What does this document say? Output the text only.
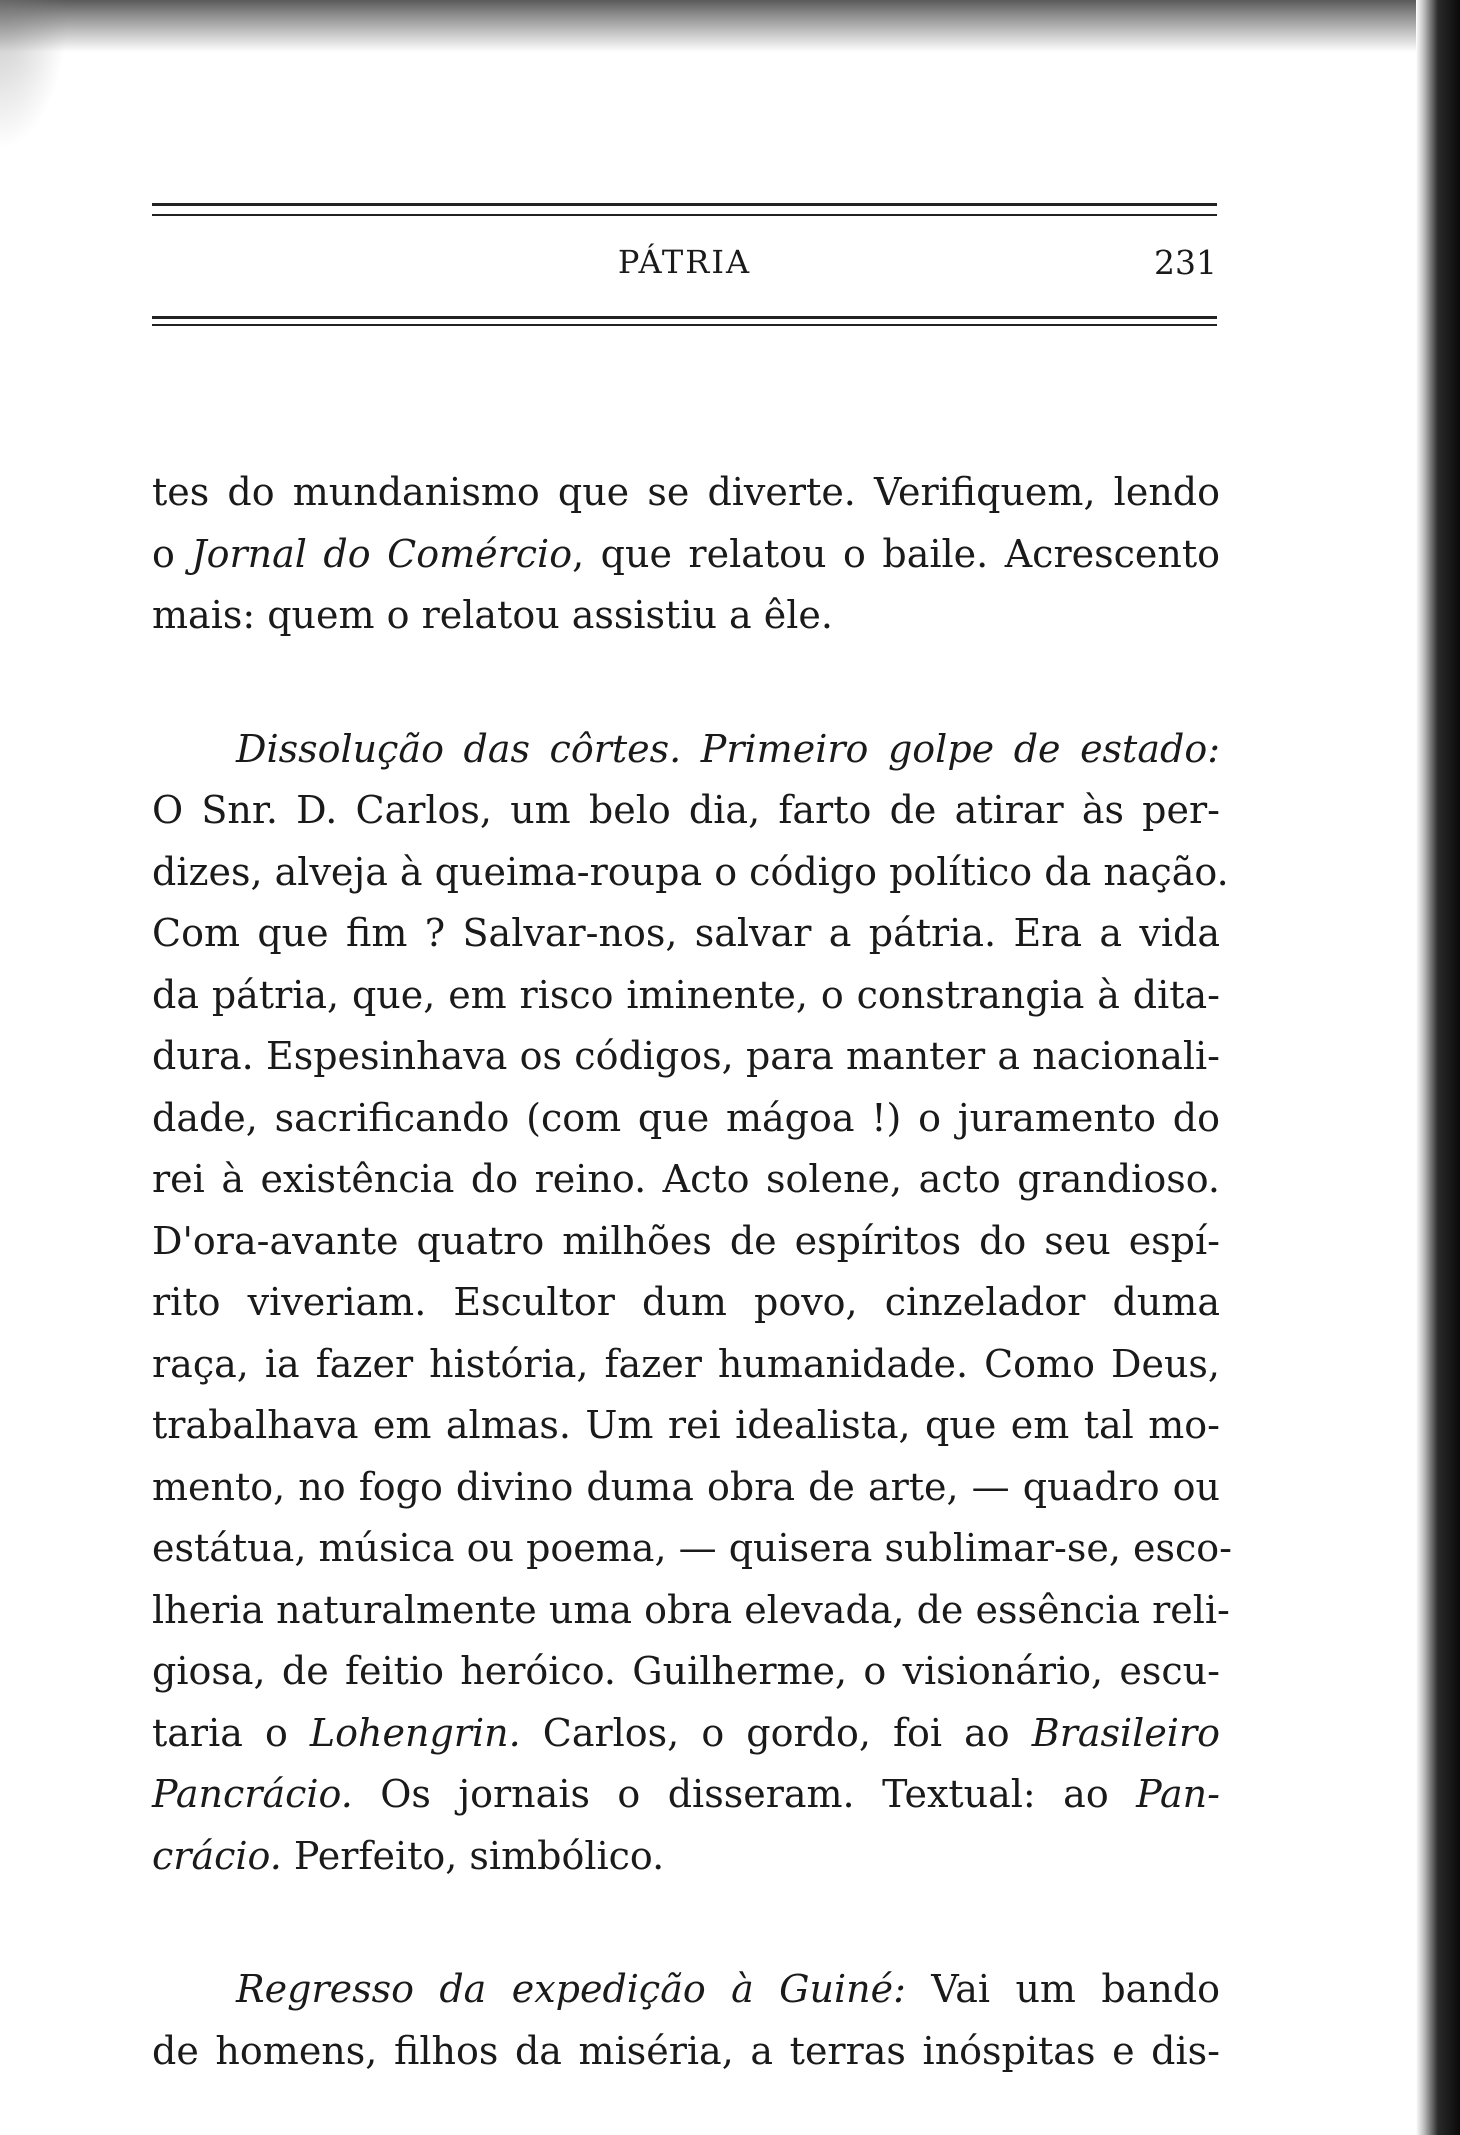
PÁTRIA	231
tes do mundanismo que se diverte. Verifiquem, lendo
o Jornal do Comércio, que relatou o baile. Acrescento
mais: quem o relatou assistiu a êle.
Dissolução das côrtes. Primeiro golpe de estado:
O Snr. D. Carlos, um belo dia, farto de atirar às per-
dizes, alveja à queima-roupa o código político da nação.
Com que fim ? Salvar-nos, salvar a pátria. Era a vida
da pátria, que, em risco iminente, o constrangia à dita-
dura. Espesinhava os códigos, para manter a nacionali-
dade, sacrificando (com que mágoa !) o juramento do
rei à existência do reino. Acto solene, acto grandioso.
D'ora-avante quatro milhões de espíritos do seu espí-
rito viveriam. Escultor dum povo, cinzelador duma
raça, ia fazer história, fazer humanidade. Como Deus,
trabalhava em almas. Um rei idealista, que em tal mo-
mento, no fogo divino duma obra de arte, — quadro ou
estátua, música ou poema, — quisera sublimar-se, esco-
lheria naturalmente uma obra elevada, de essência reli-
giosa, de feitio heróico. Guilherme, o visionário, escu-
taria o Lohengrin. Carlos, o gordo, foi ao Brasileiro
Pancrácio. Os jornais o disseram. Textual: ao Pan-
crácio. Perfeito, simbólico.
Regresso da expedição à Guiné: Vai um bando
de homens, filhos da miséria, a terras inóspitas e dis-
